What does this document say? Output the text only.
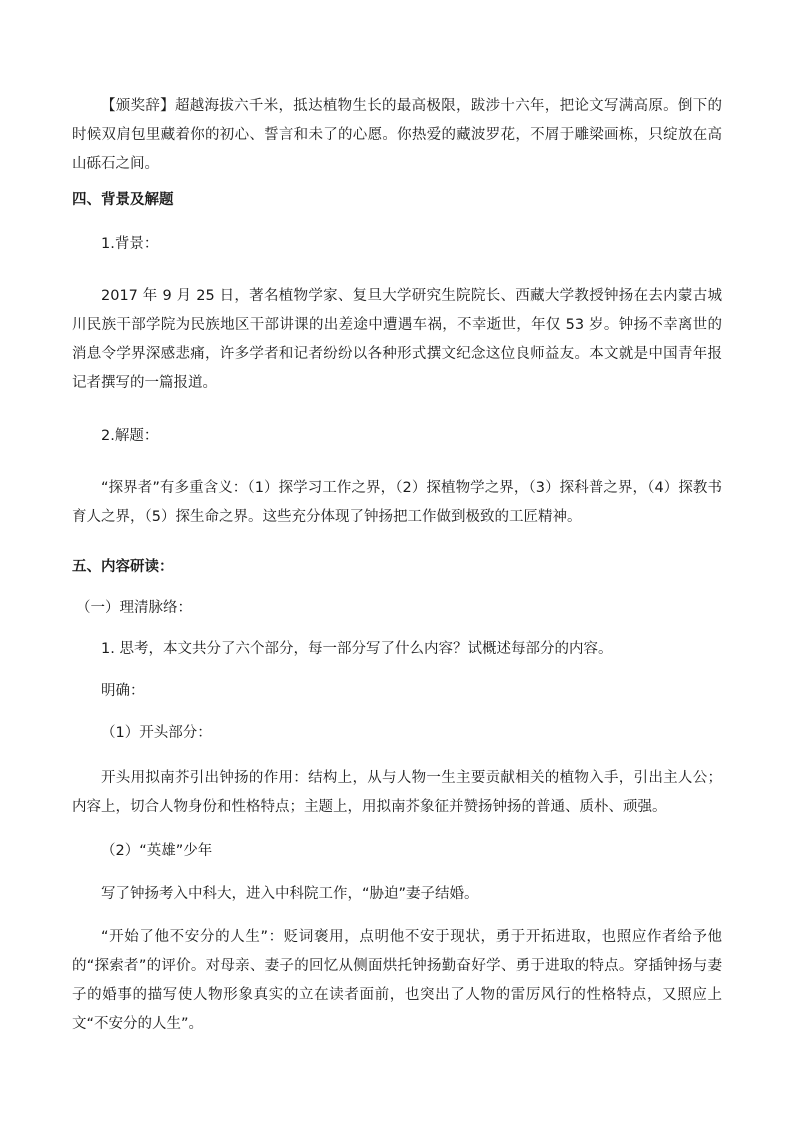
【颁奖辞】超越海拔六千米，抵达植物生长的最高极限，跋涉十六年，把论文写满高原。倒下的时候双肩包里藏着你的初心、誓言和未了的心愿。你热爱的藏波罗花，不屑于雕梁画栋，只绽放在高山砾石之间。
四、背景及解题
1.背景：
2017 年 9 月 25 日，著名植物学家、复旦大学研究生院院长、西藏大学教授钟扬在去内蒙古城川民族干部学院为民族地区干部讲课的出差途中遭遇车祸，不幸逝世，年仅 53 岁。钟扬不幸离世的消息令学界深感悲痛，许多学者和记者纷纷以各种形式撰文纪念这位良师益友。本文就是中国青年报记者撰写的一篇报道。
2.解题：
“探界者”有多重含义：（1）探学习工作之界，（2）探植物学之界，（3）探科普之界，（4）探教书育人之界，（5）探生命之界。这些充分体现了钟扬把工作做到极致的工匠精神。
五、内容研读：
（一）理清脉络：
1. 思考，本文共分了六个部分，每一部分写了什么内容？试概述每部分的内容。
明确：
（1）开头部分：
开头用拟南芥引出钟扬的作用：结构上，从与人物一生主要贡献相关的植物入手，引出主人公；内容上，切合人物身份和性格特点；主题上，用拟南芥象征并赞扬钟扬的普通、质朴、顽强。
（2）“英雄”少年
写了钟扬考入中科大，进入中科院工作，“胁迫”妻子结婚。
“开始了他不安分的人生”：贬词褒用，点明他不安于现状，勇于开拓进取，也照应作者给予他的“探索者”的评价。对母亲、妻子的回忆从侧面烘托钟扬勤奋好学、勇于进取的特点。穿插钟扬与妻子的婚事的描写使人物形象真实的立在读者面前，也突出了人物的雷厉风行的性格特点，又照应上文“不安分的人生”。
